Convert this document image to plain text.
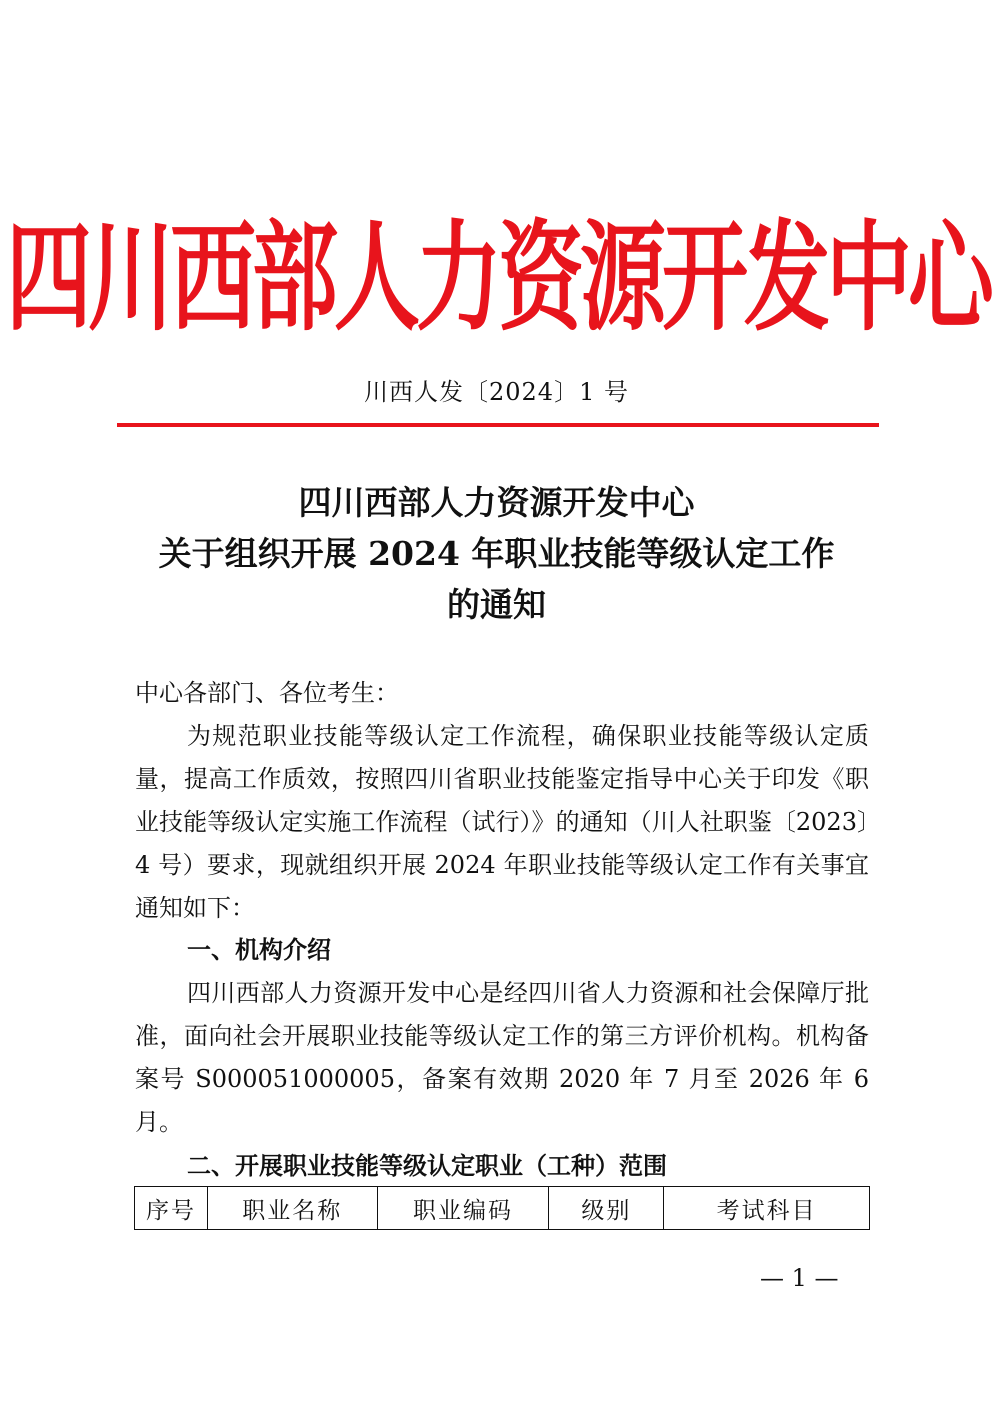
四川西部人力资源开发中心
川西人发〔2024〕1 号
四川西部人力资源开发中心
关于组织开展 2024 年职业技能等级认定工作
的通知
中心各部门、各位考生：
为规范职业技能等级认定工作流程，确保职业技能等级认定质量，提高工作质效，按照四川省职业技能鉴定指导中心关于印发《职业技能等级认定实施工作流程（试行）》的通知（川人社职鉴〔2023〕4 号）要求，现就组织开展 2024 年职业技能等级认定工作有关事宜通知如下：
一、机构介绍
四川西部人力资源开发中心是经四川省人力资源和社会保障厅批准，面向社会开展职业技能等级认定工作的第三方评价机构。机构备案号 S000051000005，备案有效期 2020 年 7 月至 2026 年 6 月。
二、开展职业技能等级认定职业（工种）范围
序号	职业名称	职业编码	级别	考试科目
— 1 —
